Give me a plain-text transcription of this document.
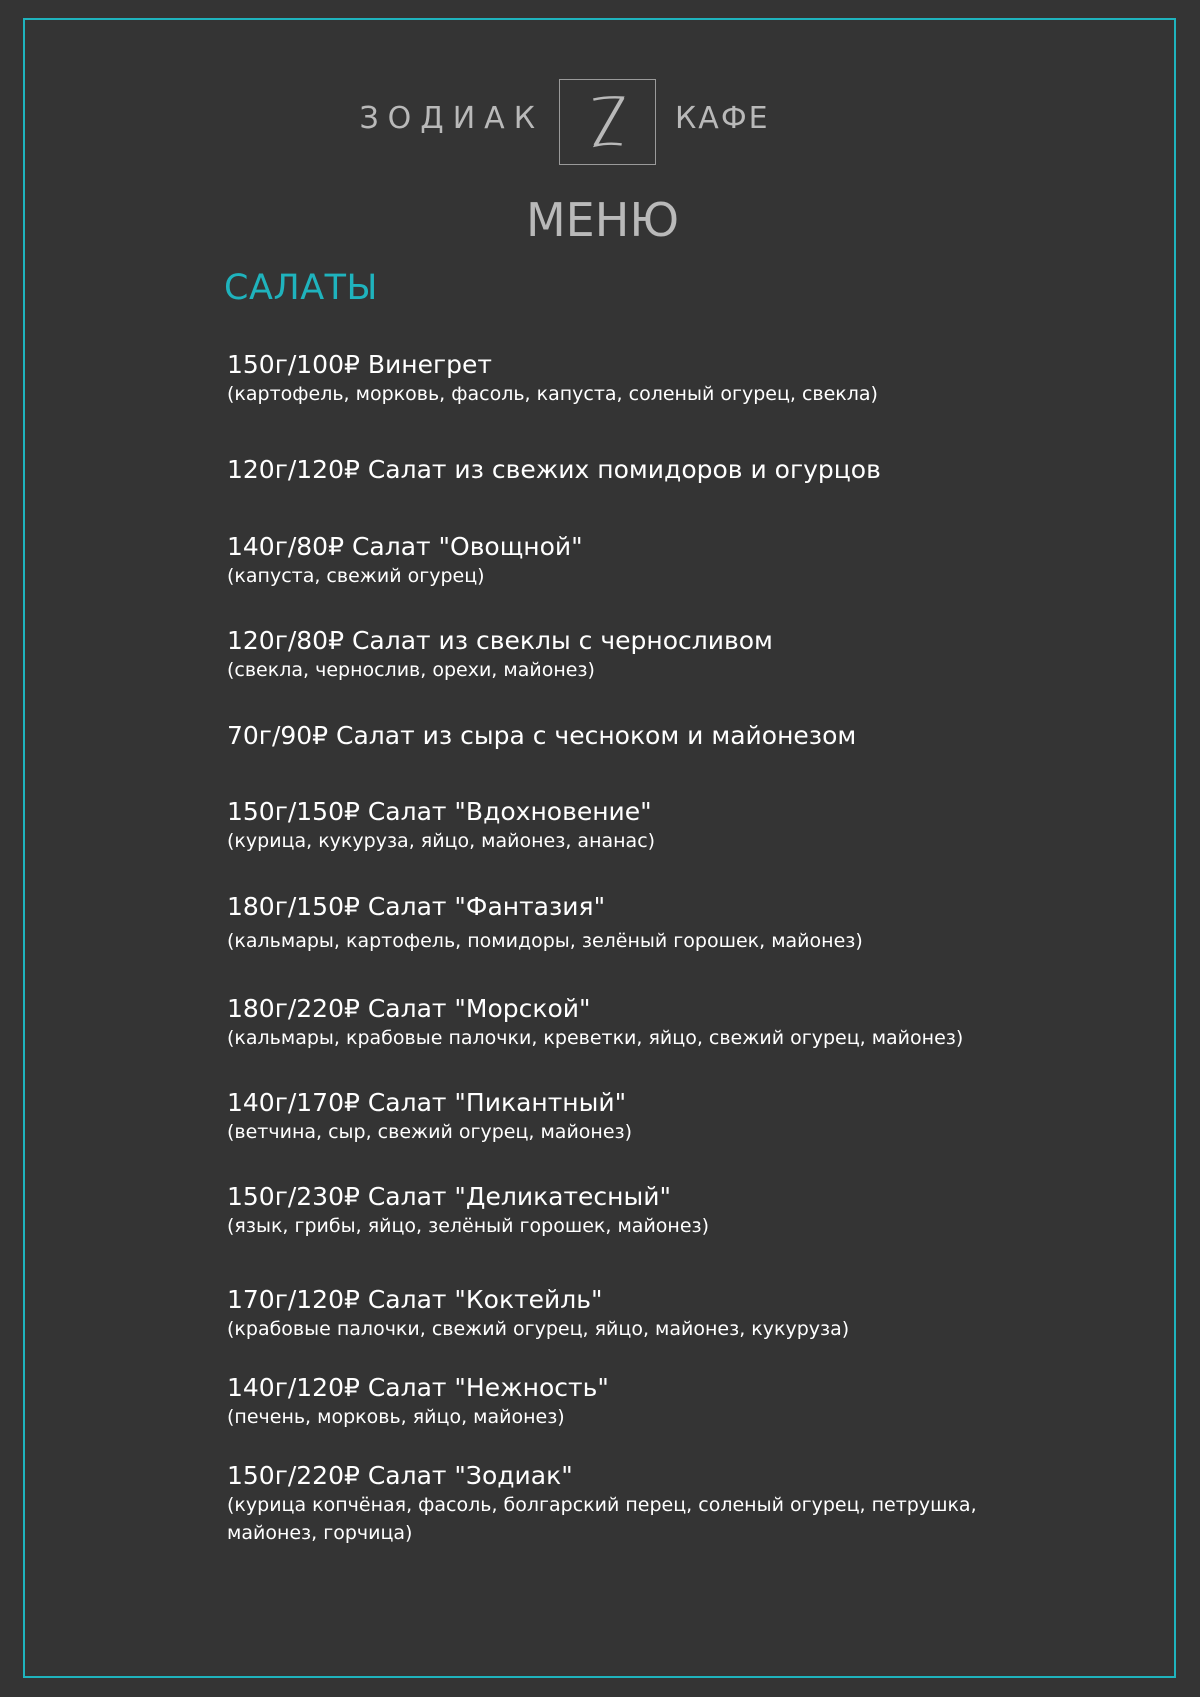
ЗОДИАК	КАФЕ
МЕНЮ
САЛАТЫ
150г/100₽ Винегрет
(картофель, морковь, фасоль, капуста, соленый огурец, свекла)
120г/120₽ Салат из свежих помидоров и огурцов
140г/80₽ Салат "Овощной"
(капуста, свежий огурец)
120г/80₽ Салат из свеклы с черносливом
(свекла, чернослив, орехи, майонез)
70г/90₽ Салат из сыра с чесноком и майонезом
150г/150₽ Салат "Вдохновение"
(курица, кукуруза, яйцо, майонез, ананас)
180г/150₽ Салат "Фантазия"
(кальмары, картофель, помидоры, зелёный горошек, майонез)
180г/220₽ Салат "Морской"
(кальмары, крабовые палочки, креветки, яйцо, свежий огурец, майонез)
140г/170₽ Салат "Пикантный"
(ветчина, сыр, свежий огурец, майонез)
150г/230₽ Салат "Деликатесный"
(язык, грибы, яйцо, зелёный горошек, майонез)
170г/120₽ Салат "Коктейль"
(крабовые палочки, свежий огурец, яйцо, майонез, кукуруза)
140г/120₽ Салат "Нежность"
(печень, морковь, яйцо, майонез)
150г/220₽ Салат "Зодиак"
(курица копчёная, фасоль, болгарский перец, соленый огурец, петрушка, майонез, горчица)
